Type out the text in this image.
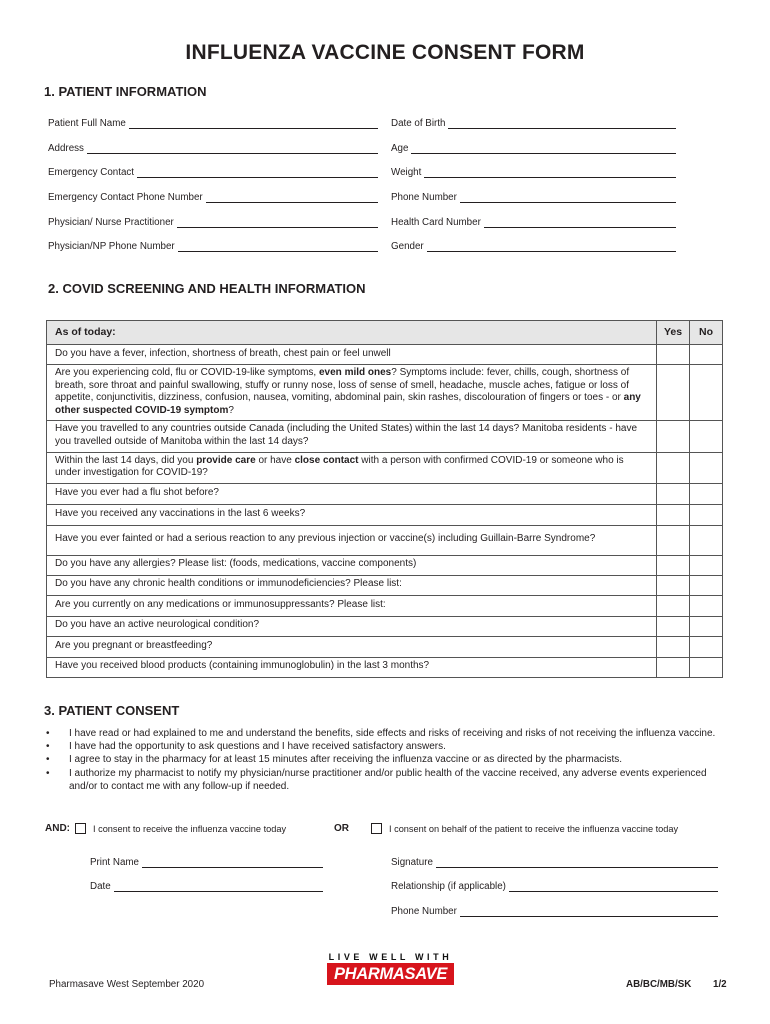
INFLUENZA VACCINE CONSENT FORM
1. PATIENT INFORMATION
Patient Full Name
Address
Emergency Contact
Emergency Contact Phone Number
Physician/ Nurse Practitioner
Physician/NP Phone Number
Date of Birth
Age
Weight
Phone Number
Health Card Number
Gender
2. COVID SCREENING AND HEALTH INFORMATION
As of today:	Yes	No
Do you have a fever, infection, shortness of breath, chest pain or feel unwell		
Are you experiencing cold, flu or COVID-19-like symptoms, even mild ones? Symptoms include: fever, chills, cough, shortness of breath, sore throat and painful swallowing, stuffy or runny nose, loss of sense of smell, headache, muscle aches, fatigue or loss of appetite, conjunctivitis, dizziness, confusion, nausea, vomiting, abdominal pain, skin rashes, discolouration of fingers or toes - or any other suspected COVID-19 symptom?		
Have you travelled to any countries outside Canada (including the United States) within the last 14 days? Manitoba residents - have you travelled outside of Manitoba within the last 14 days?		
Within the last 14 days, did you provide care or have close contact with a person with confirmed COVID-19 or someone who is under investigation for COVID-19?		
Have you ever had a flu shot before?		
Have you received any vaccinations in the last 6 weeks?		
Have you ever fainted or had a serious reaction to any previous injection or vaccine(s) including Guillain-Barre Syndrome?		
Do you have any allergies? Please list: (foods, medications, vaccine components)		
Do you have any chronic health conditions or immunodeficiencies? Please list:		
Are you currently on any medications or immunosuppressants? Please list:		
Do you have an active neurological condition?		
Are you pregnant or breastfeeding?		
Have you received blood products (containing immunoglobulin) in the last 3 months?		
3. PATIENT CONSENT
• I have read or had explained to me and understand the benefits, side effects and risks of receiving and risks of not receiving the influenza vaccine.
• I have had the opportunity to ask questions and I have received satisfactory answers.
• I agree to stay in the pharmacy for at least 15 minutes after receiving the influenza vaccine or as directed by the pharmacists.
• I authorize my pharmacist to notify my physician/nurse practitioner and/or public health of the vaccine received, any adverse events experienced and/or to contact me with any follow-up if needed.
AND:	I consent to receive the influenza vaccine today	OR	I consent on behalf of the patient to receive the influenza vaccine today
Print Name
Date
Signature
Relationship (if applicable)
Phone Number
LIVE WELL WITH
PHARMASAVE
Pharmasave West September 2020	AB/BC/MB/SK 1/2
